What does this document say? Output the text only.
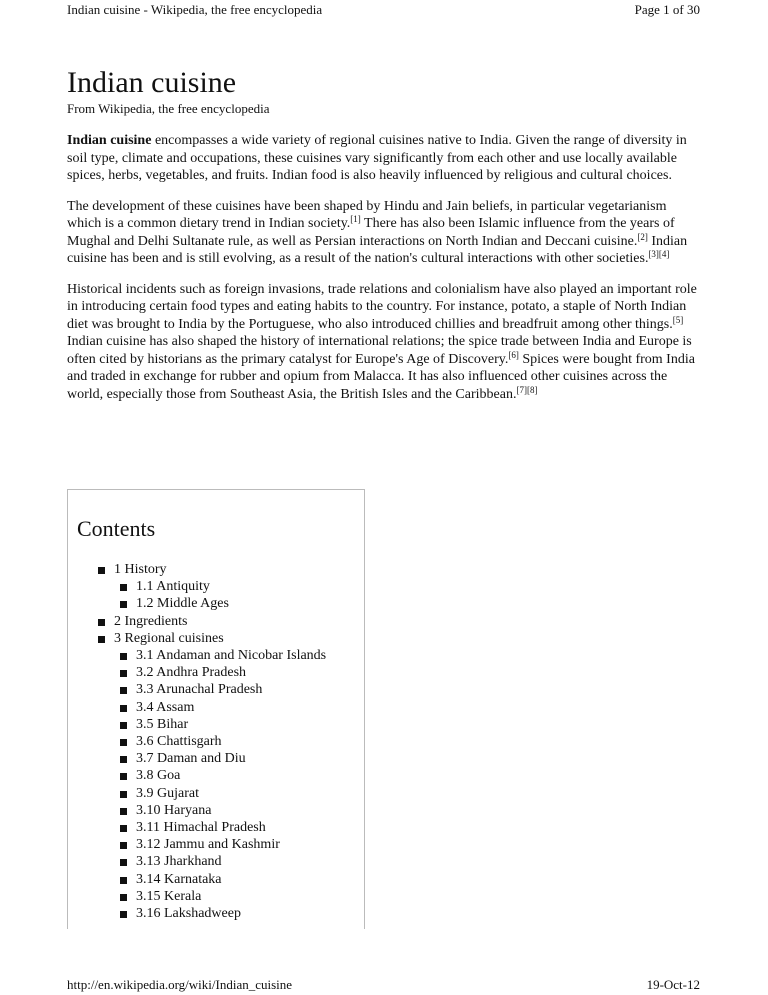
Indian cuisine - Wikipedia, the free encyclopedia	Page 1 of 30
Indian cuisine
From Wikipedia, the free encyclopedia

Indian cuisine encompasses a wide variety of regional cuisines native to India. Given the range of diversity in soil type, climate and occupations, these cuisines vary significantly from each other and use locally available spices, herbs, vegetables, and fruits. Indian food is also heavily influenced by religious and cultural choices.

The development of these cuisines have been shaped by Hindu and Jain beliefs, in particular vegetarianism which is a common dietary trend in Indian society.[1] There has also been Islamic influence from the years of Mughal and Delhi Sultanate rule, as well as Persian interactions on North Indian and Deccani cuisine.[2] Indian cuisine has been and is still evolving, as a result of the nation's cultural interactions with other societies.[3][4]

Historical incidents such as foreign invasions, trade relations and colonialism have also played an important role in introducing certain food types and eating habits to the country. For instance, potato, a staple of North Indian diet was brought to India by the Portuguese, who also introduced chillies and breadfruit among other things.[5] Indian cuisine has also shaped the history of international relations; the spice trade between India and Europe is often cited by historians as the primary catalyst for Europe's Age of Discovery.[6] Spices were bought from India and traded in exchange for rubber and opium from Malacca. It has also influenced other cuisines across the world, especially those from Southeast Asia, the British Isles and the Caribbean.[7][8]

Contents
1 History
1.1 Antiquity
1.2 Middle Ages
2 Ingredients
3 Regional cuisines
3.1 Andaman and Nicobar Islands
3.2 Andhra Pradesh
3.3 Arunachal Pradesh
3.4 Assam
3.5 Bihar
3.6 Chattisgarh
3.7 Daman and Diu
3.8 Goa
3.9 Gujarat
3.10 Haryana
3.11 Himachal Pradesh
3.12 Jammu and Kashmir
3.13 Jharkhand
3.14 Karnataka
3.15 Kerala
3.16 Lakshadweep
http://en.wikipedia.org/wiki/Indian_cuisine	19-Oct-12
